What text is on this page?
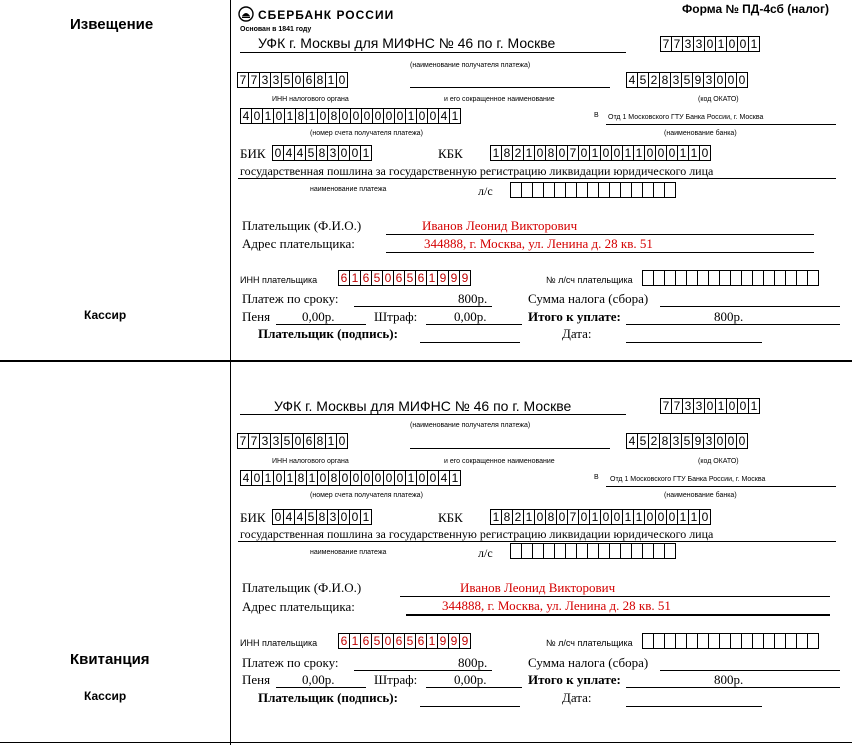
Извещение
Кассир
Квитанция
Кассир
СБЕРБАНК РОССИИ
Основан в 1841 году
Форма № ПД-4сб (налог)
УФК г. Москвы для МИФНС № 46 по г. Москве	7 7 3 3 0 1 0 0 1
(наименование получателя платежа)
7 7 3 3 5 0 6 8 1 0	4 5 2 8 3 5 9 3 0 0 0
ИНН налогового органа	и его сокращенное наименование	(код ОКАТО)
4 0 1 0 1 8 1 0 8 0 0 0 0 0 0 1 0 0 4 1	В Отд 1 Московского ГТУ Банка России, г. Москва
(номер счета получателя платежа)	(наименование банка)
БИК 0 4 4 5 8 3 0 0 1	КБК 1 8 2 1 0 8 0 7 0 1 0 0 1 1 0 0 0 1 1 0
государственная пошлина за государственную регистрацию ликвидации юридического лица
наименование платежа	л/с
Плательщик (Ф.И.О.)	Иванов Леонид Викторович
Адрес плательщика:	344888, г. Москва, ул. Ленина д. 28 кв. 51
ИНН плательщика 6 1 6 5 0 6 5 6 1 9 9 9	№ л/сч плательщика
Платеж по сроку:	800р.	Сумма налога (сбора)
Пеня 0,00р.	Штраф:	0,00р.	Итого к уплате:	800р.
Плательщик (подпись):	Дата:
УФК г. Москвы для МИФНС № 46 по г. Москве	7 7 3 3 0 1 0 0 1
(наименование получателя платежа)
7 7 3 3 5 0 6 8 1 0	4 5 2 8 3 5 9 3 0 0 0
ИНН налогового органа	и его сокращенное наименование	(код ОКАТО)
4 0 1 0 1 8 1 0 8 0 0 0 0 0 0 1 0 0 4 1	В Отд 1 Московского ГТУ Банка России, г. Москва
(номер счета получателя платежа)	(наименование банка)
БИК 0 4 4 5 8 3 0 0 1	КБК 1 8 2 1 0 8 0 7 0 1 0 0 1 1 0 0 0 1 1 0
государственная пошлина за государственную регистрацию ликвидации юридического лица
наименование платежа	л/с
Плательщик (Ф.И.О.)	Иванов Леонид Викторович
Адрес плательщика:	344888, г. Москва, ул. Ленина д. 28 кв. 51
ИНН плательщика 6 1 6 5 0 6 5 6 1 9 9 9	№ л/сч плательщика
Платеж по сроку:	800р.	Сумма налога (сбора)
Пеня 0,00р.	Штраф:	0,00р.	Итого к уплате:	800р.
Плательщик (подпись):	Дата:
